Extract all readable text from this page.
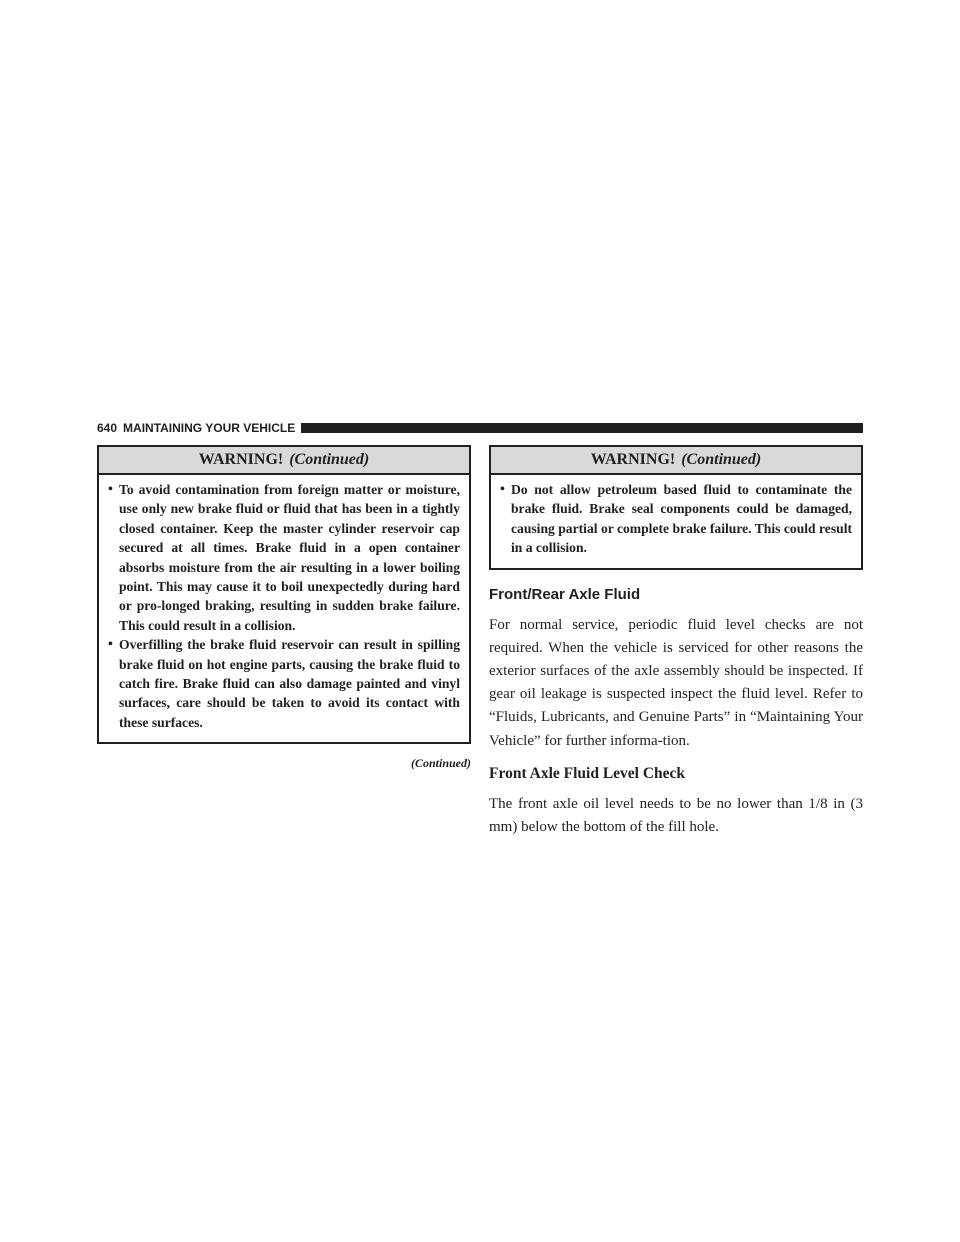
640 MAINTAINING YOUR VEHICLE
WARNING! (Continued)
• To avoid contamination from foreign matter or moisture, use only new brake fluid or fluid that has been in a tightly closed container. Keep the master cylinder reservoir cap secured at all times. Brake fluid in a open container absorbs moisture from the air resulting in a lower boiling point. This may cause it to boil unexpectedly during hard or pro-longed braking, resulting in sudden brake failure. This could result in a collision.
• Overfilling the brake fluid reservoir can result in spilling brake fluid on hot engine parts, causing the brake fluid to catch fire. Brake fluid can also damage painted and vinyl surfaces, care should be taken to avoid its contact with these surfaces.
(Continued)
WARNING! (Continued)
• Do not allow petroleum based fluid to contaminate the brake fluid. Brake seal components could be damaged, causing partial or complete brake failure. This could result in a collision.
Front/Rear Axle Fluid

For normal service, periodic fluid level checks are not required. When the vehicle is serviced for other reasons the exterior surfaces of the axle assembly should be inspected. If gear oil leakage is suspected inspect the fluid level. Refer to “Fluids, Lubricants, and Genuine Parts” in “Maintaining Your Vehicle” for further informa-tion.

Front Axle Fluid Level Check

The front axle oil level needs to be no lower than 1/8 in (3 mm) below the bottom of the fill hole.
